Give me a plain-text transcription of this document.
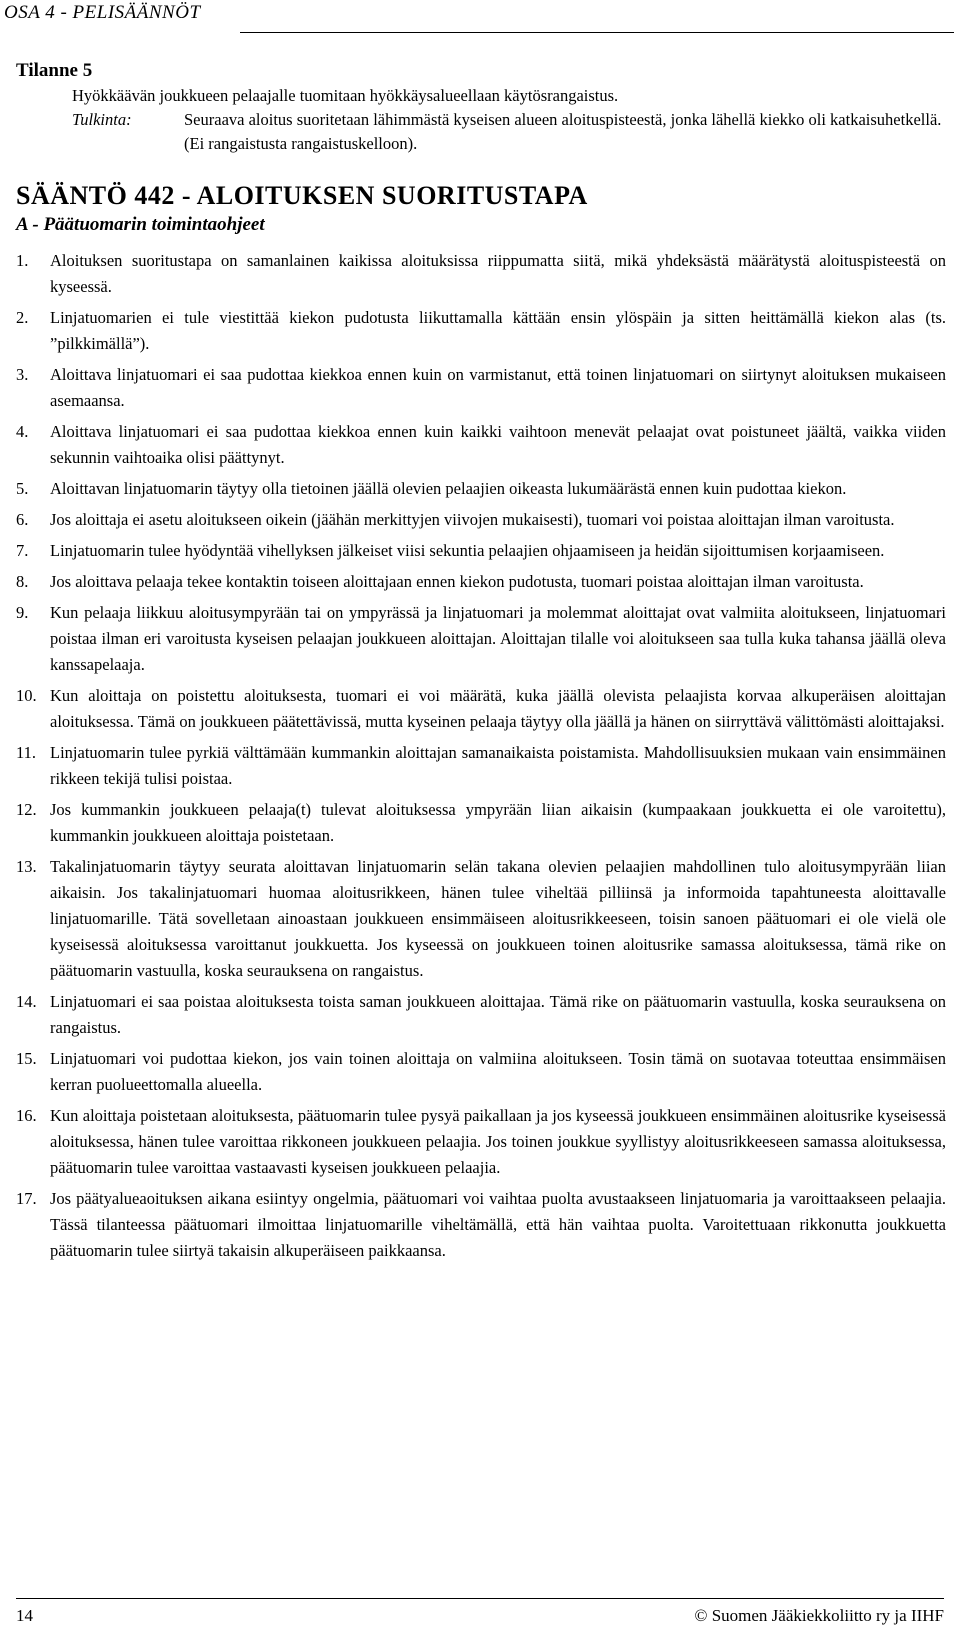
OSA 4 - PELISÄÄNNÖT
Tilanne 5
Hyökkäävän joukkueen pelaajalle tuomitaan hyökkäysalueellaan käytösrangaistus.
Tulkinta:	Seuraava aloitus suoritetaan lähimmästä kyseisen alueen aloituspisteestä, jonka lähellä kiekko oli katkaisuhetkellä. (Ei rangaistusta rangaistuskelloon).
SÄÄNTÖ 442 - ALOITUKSEN SUORITUSTAPA
A - Päätuomarin toimintaohjeet
1.	Aloituksen suoritustapa on samanlainen kaikissa aloituksissa riippumatta siitä, mikä yhdeksästä määrätystä aloituspisteestä on kyseessä.
2.	Linjatuomarien ei tule viestittää kiekon pudotusta liikuttamalla kättään ensin ylöspäin ja sitten heittämällä kiekon alas (ts. ”pilkkimällä”).
3.	Aloittava linjatuomari ei saa pudottaa kiekkoa ennen kuin on varmistanut, että toinen linjatuomari on siirtynyt aloituksen mukaiseen asemaansa.
4.	Aloittava linjatuomari ei saa pudottaa kiekkoa ennen kuin kaikki vaihtoon menevät pelaajat ovat poistuneet jäältä, vaikka viiden sekunnin vaihtoaika olisi päättynyt.
5.	Aloittavan linjatuomarin täytyy olla tietoinen jäällä olevien pelaajien oikeasta lukumäärästä ennen kuin pudottaa kiekon.
6.	Jos aloittaja ei asetu aloitukseen oikein (jäähän merkittyjen viivojen mukaisesti), tuomari voi poistaa aloittajan ilman varoitusta.
7.	Linjatuomarin tulee hyödyntää vihellyksen jälkeiset viisi sekuntia pelaajien ohjaamiseen ja heidän sijoittumisen korjaamiseen.
8.	Jos aloittava pelaaja tekee kontaktin toiseen aloittajaan ennen kiekon pudotusta, tuomari poistaa aloittajan ilman varoitusta.
9.	Kun pelaaja liikkuu aloitusympyrään tai on ympyrässä ja linjatuomari ja molemmat aloittajat ovat valmiita aloitukseen, linjatuomari poistaa ilman eri varoitusta kyseisen pelaajan joukkueen aloittajan. Aloittajan tilalle voi aloitukseen saa tulla kuka tahansa jäällä oleva kanssapelaaja.
10. Kun aloittaja on poistettu aloituksesta, tuomari ei voi määrätä, kuka jäällä olevista pelaajista korvaa alkuperäisen aloittajan aloituksessa. Tämä on joukkueen päätettävissä, mutta kyseinen pelaaja täytyy olla jäällä ja hänen on siirryttävä välittömästi aloittajaksi.
11. Linjatuomarin tulee pyrkiä välttämään kummankin aloittajan samanaikaista poistamista. Mahdollisuuksien mukaan vain ensimmäinen rikkeen tekijä tulisi poistaa.
12. Jos kummankin joukkueen pelaaja(t) tulevat aloituksessa ympyrään liian aikaisin (kumpaakaan joukkuetta ei ole varoitettu), kummankin joukkueen aloittaja poistetaan.
13. Takalinjatuomarin täytyy seurata aloittavan linjatuomarin selän takana olevien pelaajien mahdollinen tulo aloitusympyrään liian aikaisin. Jos takalinjatuomari huomaa aloitusrikkeen, hänen tulee viheltää pilliinsä ja informoida tapahtuneesta aloittavalle linjatuomarille. Tätä sovelletaan ainoastaan joukkueen ensimmäiseen aloitusrikkeeseen, toisin sanoen päätuomari ei ole vielä ole kyseisessä aloituksessa varoittanut joukkuetta. Jos kyseessä on joukkueen toinen aloitusrike samassa aloituksessa, tämä rike on päätuomarin vastuulla, koska seurauksena on rangaistus.
14. Linjatuomari ei saa poistaa aloituksesta toista saman joukkueen aloittajaa. Tämä rike on päätuomarin vastuulla, koska seurauksena on rangaistus.
15. Linjatuomari voi pudottaa kiekon, jos vain toinen aloittaja on valmiina aloitukseen. Tosin tämä on suotavaa toteuttaa ensimmäisen kerran puolueettomalla alueella.
16. Kun aloittaja poistetaan aloituksesta, päätuomarin tulee pysyä paikallaan ja jos kyseessä joukkueen ensimmäinen aloitusrike kyseisessä aloituksessa, hänen tulee varoittaa rikkoneen joukkueen pelaajia. Jos toinen joukkue syyllistyy aloitusrikkeeseen samassa aloituksessa, päätuomarin tulee varoittaa vastaavasti kyseisen joukkueen pelaajia.
17. Jos päätyalueaoituksen aikana esiintyy ongelmia, päätuomari voi vaihtaa puolta avustaakseen linjatuomaria ja varoittaakseen pelaajia. Tässä tilanteessa päätuomari ilmoittaa linjatuomarille viheltämällä, että hän vaihtaa puolta. Varoitettuaan rikkonutta joukkuetta päätuomarin tulee siirtyä takaisin alkuperäiseen paikkaansa.
14	© Suomen Jääkiekkoliitto ry ja IIHF
